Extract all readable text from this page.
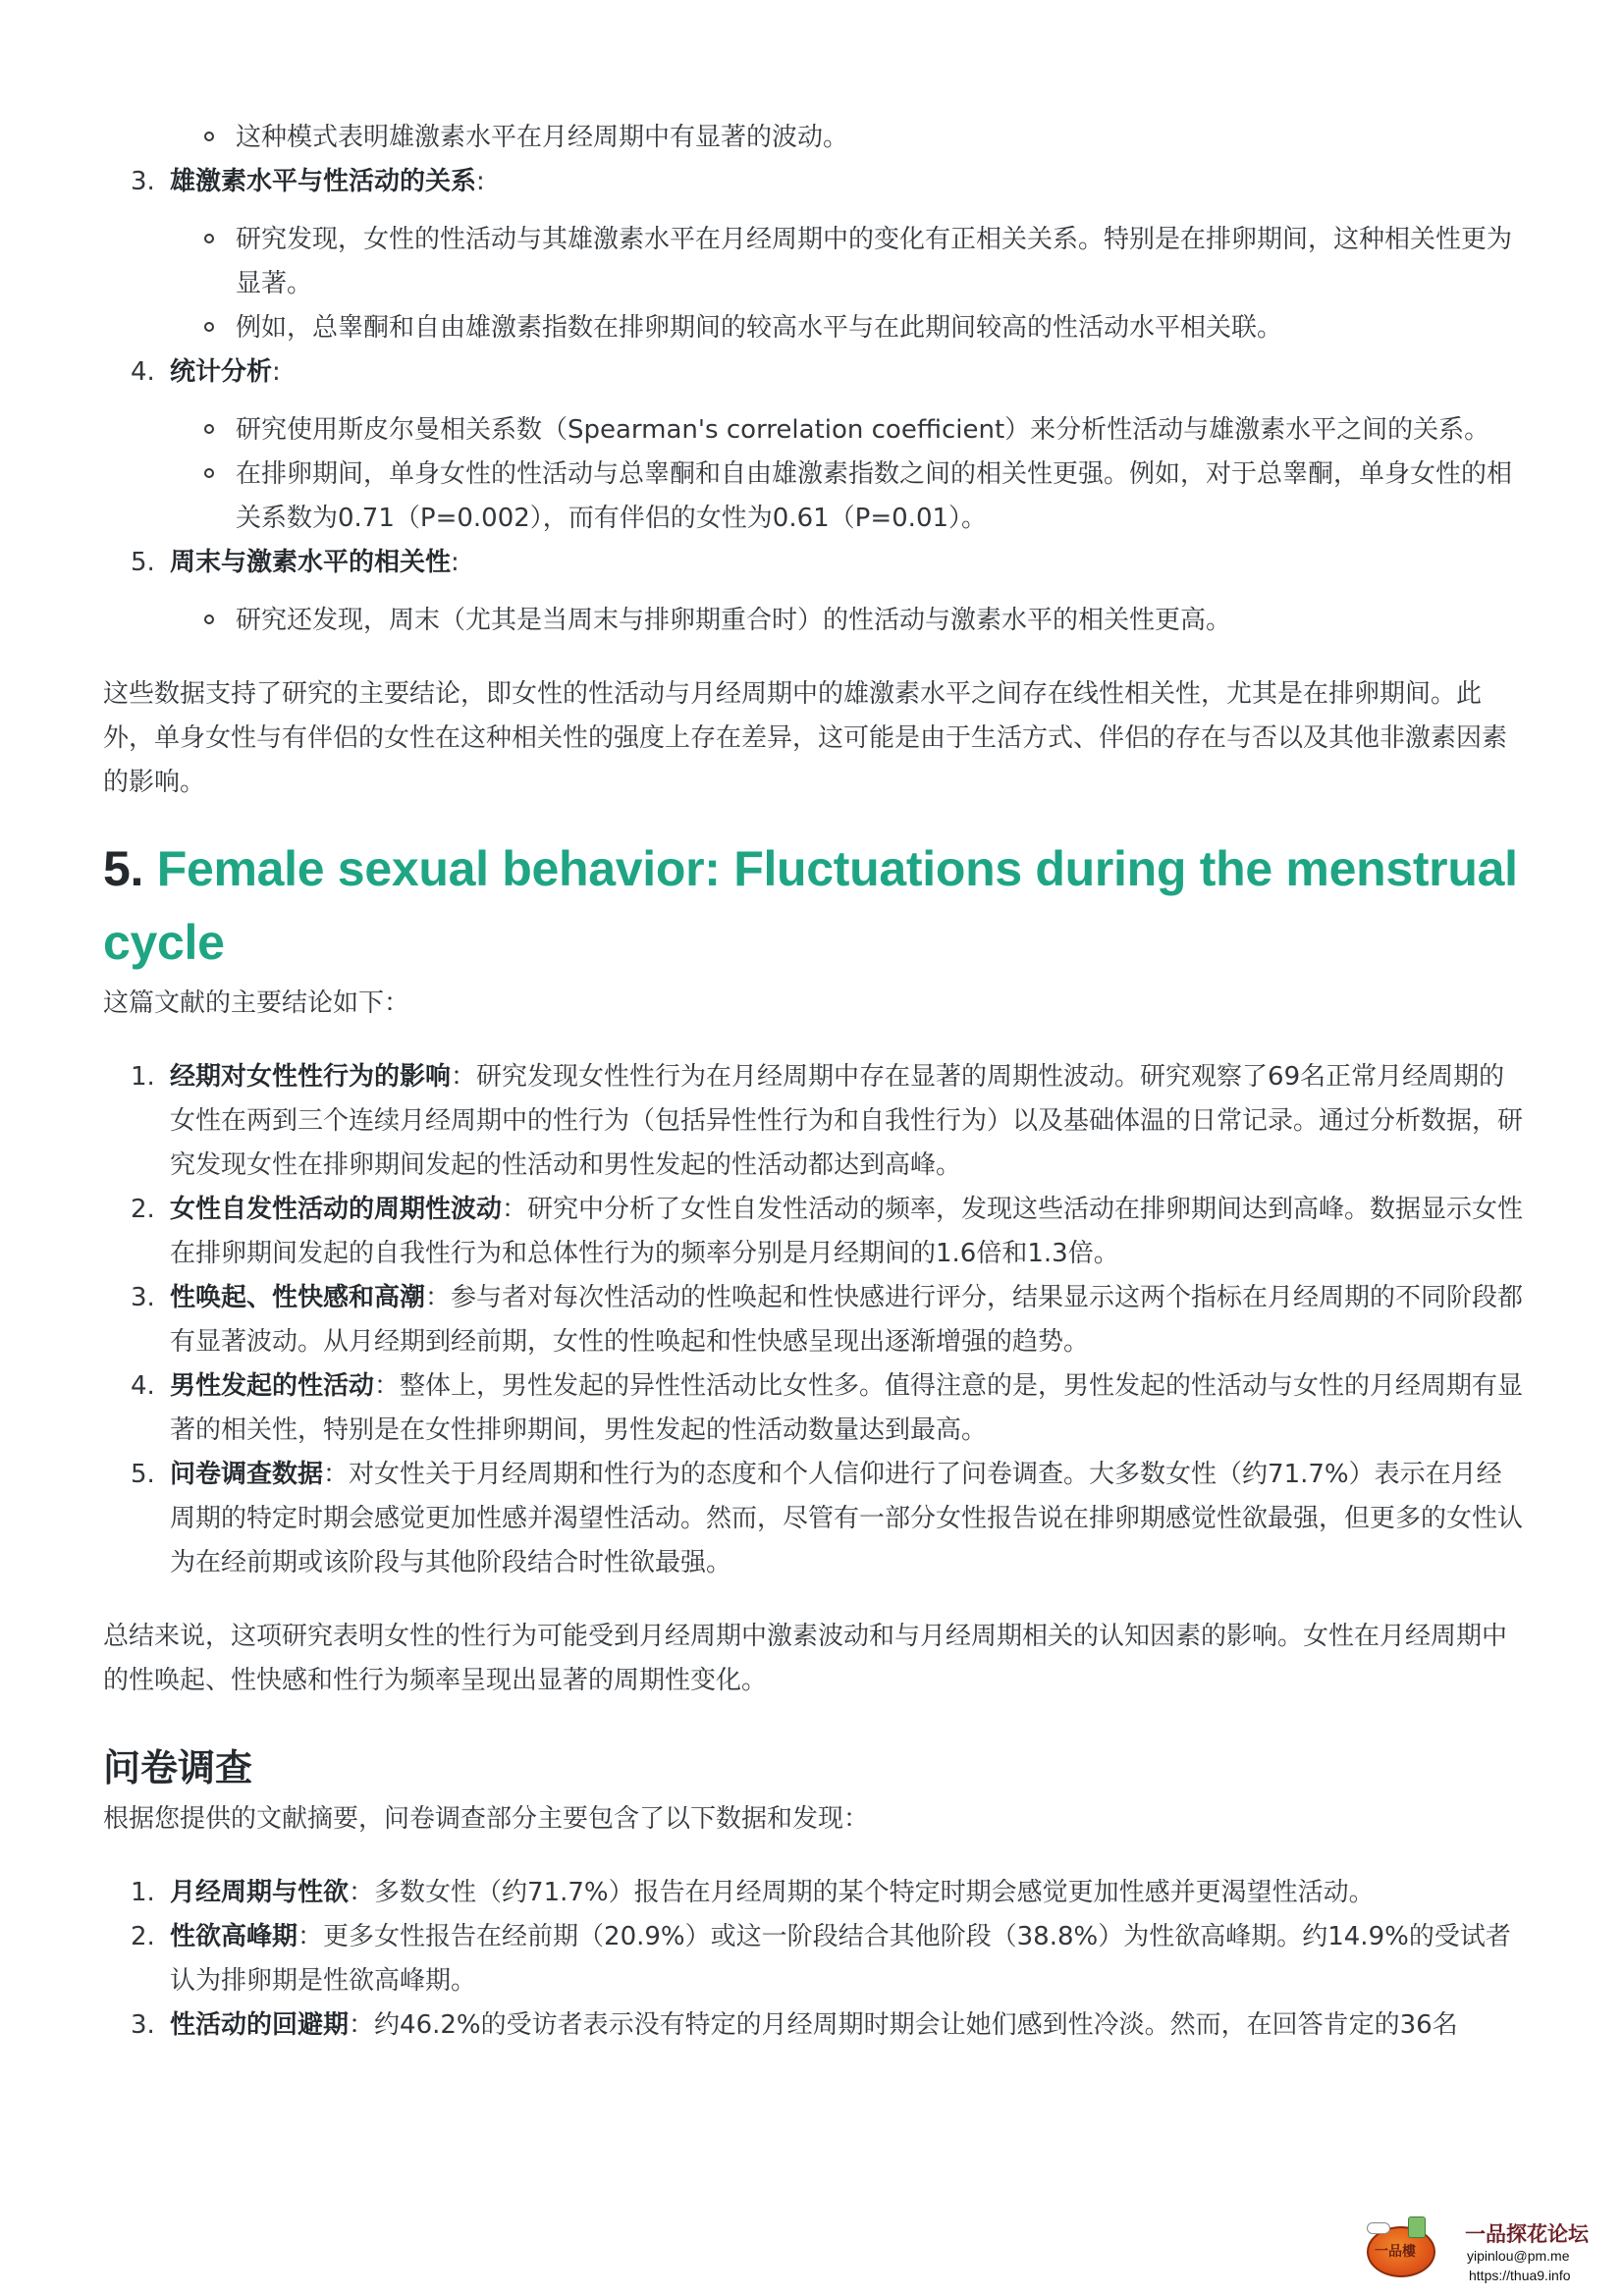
这种模式表明雄激素水平在月经周期中有显著的波动。
3. 雄激素水平与性活动的关系:
研究发现，女性的性活动与其雄激素水平在月经周期中的变化有正相关关系。特别是在排卵期间，这种相关性更为显著。
例如，总睾酮和自由雄激素指数在排卵期间的较高水平与在此期间较高的性活动水平相关联。
4. 统计分析:
研究使用斯皮尔曼相关系数（Spearman's correlation coefficient）来分析性活动与雄激素水平之间的关系。
在排卵期间，单身女性的性活动与总睾酮和自由雄激素指数之间的相关性更强。例如，对于总睾酮，单身女性的相关系数为0.71（P=0.002），而有伴侣的女性为0.61（P=0.01）。
5. 周末与激素水平的相关性:
研究还发现，周末（尤其是当周末与排卵期重合时）的性活动与激素水平的相关性更高。
这些数据支持了研究的主要结论，即女性的性活动与月经周期中的雄激素水平之间存在线性相关性，尤其是在排卵期间。此外，单身女性与有伴侣的女性在这种相关性的强度上存在差异，这可能是由于生活方式、伴侣的存在与否以及其他非激素因素的影响。
5. Female sexual behavior: Fluctuations during the menstrual cycle
这篇文献的主要结论如下：
1. 经期对女性性行为的影响：研究发现女性性行为在月经周期中存在显著的周期性波动。研究观察了69名正常月经周期的女性在两到三个连续月经周期中的性行为（包括异性性行为和自我性行为）以及基础体温的日常记录。通过分析数据，研究发现女性在排卵期间发起的性活动和男性发起的性活动都达到高峰。
2. 女性自发性活动的周期性波动：研究中分析了女性自发性活动的频率，发现这些活动在排卵期间达到高峰。数据显示女性在排卵期间发起的自我性行为和总体性行为的频率分别是月经期间的1.6倍和1.3倍。
3. 性唤起、性快感和高潮：参与者对每次性活动的性唤起和性快感进行评分，结果显示这两个指标在月经周期的不同阶段都有显著波动。从月经期到经前期，女性的性唤起和性快感呈现出逐渐增强的趋势。
4. 男性发起的性活动：整体上，男性发起的异性性活动比女性多。值得注意的是，男性发起的性活动与女性的月经周期有显著的相关性，特别是在女性排卵期间，男性发起的性活动数量达到最高。
5. 问卷调查数据：对女性关于月经周期和性行为的态度和个人信仰进行了问卷调查。大多数女性（约71.7%）表示在月经周期的特定时期会感觉更加性感并渴望性活动。然而，尽管有一部分女性报告说在排卵期感觉性欲最强，但更多的女性认为在经前期或该阶段与其他阶段结合时性欲最强。
总结来说，这项研究表明女性的性行为可能受到月经周期中激素波动和与月经周期相关的认知因素的影响。女性在月经周期中的性唤起、性快感和性行为频率呈现出显著的周期性变化。
问卷调查
根据您提供的文献摘要，问卷调查部分主要包含了以下数据和发现：
1. 月经周期与性欲：多数女性（约71.7%）报告在月经周期的某个特定时期会感觉更加性感并更渴望性活动。
2. 性欲高峰期：更多女性报告在经前期（20.9%）或这一阶段结合其他阶段（38.8%）为性欲高峰期。约14.9%的受试者认为排卵期是性欲高峰期。
3. 性活动的回避期：约46.2%的受访者表示没有特定的月经周期时期会让她们感到性冷淡。然而，在回答肯定的36名
一品樓
一品探花论坛
yipinlou@pm.me
https://thua9.info
